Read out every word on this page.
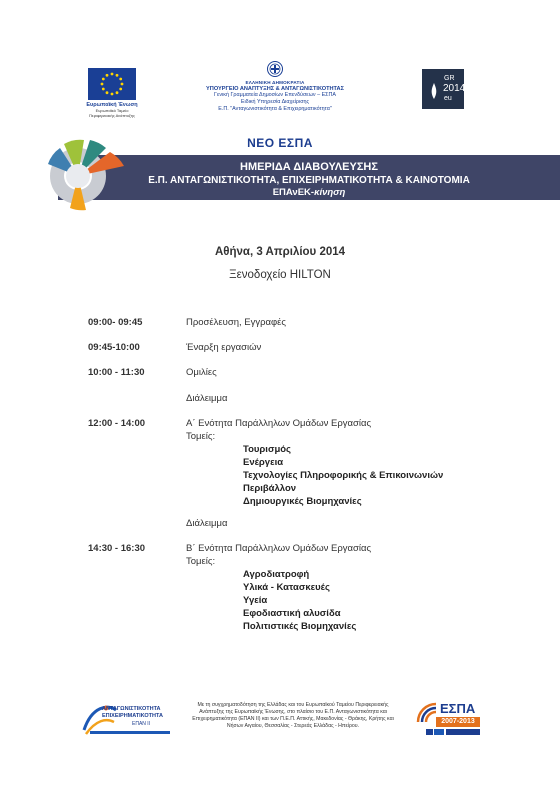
Ευρωπαϊκή Ένωση
Ευρωπαϊκό Ταμείο
Περιφερειακής Ανάπτυξης
ΕΛΛΗΝΙΚΗ ΔΗΜΟΚΡΑΤΙΑ
ΥΠΟΥΡΓΕΙΟ ΑΝΑΠΤΥΞΗΣ & ΑΝΤΑΓΩΝΙΣΤΙΚΟΤΗΤΑΣ
Γενική Γραμματεία Δημοσίων Επενδύσεων – ΕΣΠΑ
Ειδική Υπηρεσία Διαχείρισης
Ε.Π. "Ανταγωνιστικότητα & Επιχειρηματικότητα"
GR
2014
eu
ΝΕΟ ΕΣΠΑ
ΗΜΕΡΙΔΑ ΔΙΑΒΟΥΛΕΥΣΗΣ
Ε.Π. ΑΝΤΑΓΩΝΙΣΤΙΚΟΤΗΤΑ, ΕΠΙΧΕΙΡΗΜΑΤΙΚΟΤΗΤΑ & ΚΑΙΝΟΤΟΜΙΑ
ΕΠΑνΕΚ-κίνηση
Αθήνα, 3 Απριλίου 2014
Ξενοδοχείο HILTON
09:00- 09:45	Προσέλευση, Εγγραφές
09:45-10:00	Έναρξη εργασιών
10:00 - 11:30	Ομιλίες
Διάλειμμα
12:00 - 14:00	Α΄ Ενότητα Παράλληλων Ομάδων Εργασίας
Τομείς:
Τουρισμός
Ενέργεια
Τεχνολογίες Πληροφορικής & Επικοινωνιών
Περιβάλλον
Δημιουργικές Βιομηχανίες
Διάλειμμα
14:30 - 16:30	Β΄ Ενότητα Παράλληλων Ομάδων Εργασίας
Τομείς:
Αγροδιατροφή
Υλικά - Κατασκευές
Υγεία
Εφοδιαστική αλυσίδα
Πολιτιστικές Βιομηχανίες
ΑΝΤΑΓΩΝΙΣΤΙΚΟΤΗΤΑ
ΕΠΙΧΕΙΡΗΜΑΤΙΚΟΤΗΤΑ
ΕΠΑΝ ΙΙ
Με τη συγχρηματοδότηση της Ελλάδας και του Ευρωπαϊκού Ταμείου Περιφερειακής
Ανάπτυξης της Ευρωπαϊκής Ένωσης, στο πλαίσιο του Ε.Π. Ανταγωνιστικότητα και
Επιχειρηματικότητα (ΕΠΑΝ ΙΙ) και των Π.Ε.Π. Αττικής, Μακεδονίας - Θράκης, Κρήτης και
Νήσων Αιγαίου, Θεσσαλίας - Στερεάς Ελλάδας - Ηπείρου.
ΕΣΠΑ
2007-2013
